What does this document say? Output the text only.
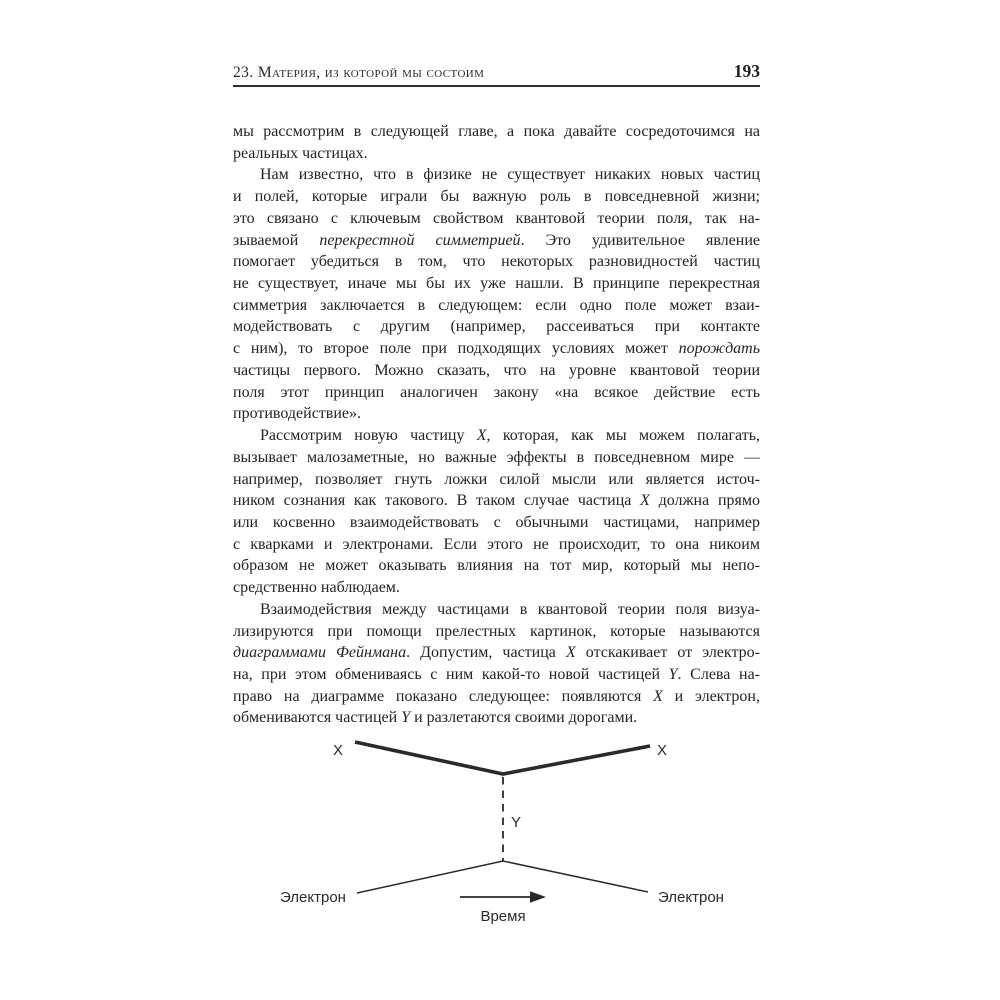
23. Материя, из которой мы состоим	193
мы рассмотрим в следующей главе, а пока давайте сосредоточимся на
реальных частицах.
Нам известно, что в физике не существует никаких новых частиц
и полей, которые играли бы важную роль в повседневной жизни;
это связано с ключевым свойством квантовой теории поля, так на-
зываемой перекрестной симметрией. Это удивительное явление
помогает убедиться в том, что некоторых разновидностей частиц
не существует, иначе мы бы их уже нашли. В принципе перекрестная
симметрия заключается в следующем: если одно поле может взаи-
модействовать с другим (например, рассеиваться при контакте
с ним), то второе поле при подходящих условиях может порождать
частицы первого. Можно сказать, что на уровне квантовой теории
поля этот принцип аналогичен закону «на всякое действие есть
противодействие».
Рассмотрим новую частицу X, которая, как мы можем полагать,
вызывает малозаметные, но важные эффекты в повседневном мире —
например, позволяет гнуть ложки силой мысли или является источ-
ником сознания как такового. В таком случае частица X должна прямо
или косвенно взаимодействовать с обычными частицами, например
с кварками и электронами. Если этого не происходит, то она никоим
образом не может оказывать влияния на тот мир, который мы непо-
средственно наблюдаем.
Взаимодействия между частицами в квантовой теории поля визуа-
лизируются при помощи прелестных картинок, которые называются
диаграммами Фейнмана. Допустим, частица X отскакивает от электро-
на, при этом обмениваясь с ним какой-то новой частицей Y. Слева на-
право на диаграмме показано следующее: появляются X и электрон,
обмениваются частицей Y и разлетаются своими дорогами.
X	X
Y
Электрон	Электрон
Время
